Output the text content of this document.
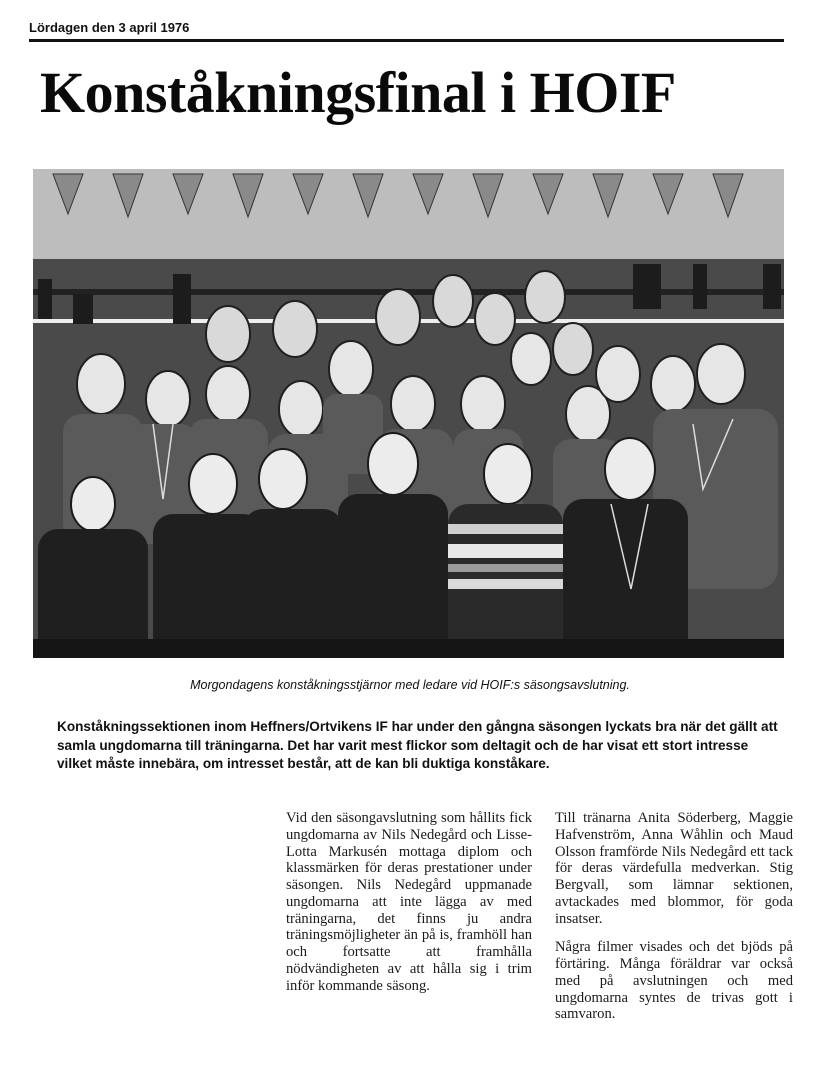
Lördagen den 3 april 1976
Konståkningsfinal i HOIF
Morgondagens konståkningsstjärnor med ledare vid HOIF:s säsongsavslutning.
Konståkningssektionen inom Heffners/Ortvikens IF har under den gångna säsongen lyckats bra när det gällt att samla ungdomarna till träningarna. Det har varit mest flickor som deltagit och de har visat ett stort intresse vilket måste innebära, om intresset består, att de kan bli duktiga konståkare.

Vid den säsongavslutning som hållits fick ungdomarna av Nils Nedegård och Lisse-Lotta Markusén mottaga diplom och klassmärken för deras prestationer under säsongen. Nils Nedegård uppmanade ungdomarna att inte lägga av med träningarna, det finns ju andra träningsmöjligheter än på is, framhöll han och fortsatte att framhålla nödvändigheten av att hålla sig i trim inför kommande säsong.

Till tränarna Anita Söderberg, Maggie Hafvenström, Anna Wåhlin och Maud Olsson framförde Nils Nedegård ett tack för deras värdefulla medverkan. Stig Bergvall, som lämnar sektionen, avtackades med blommor, för goda insatser.

Några filmer visades och det bjöds på förtäring. Många föräldrar var också med på avslutningen och med ungdomarna syntes de trivas gott i samvaron.
